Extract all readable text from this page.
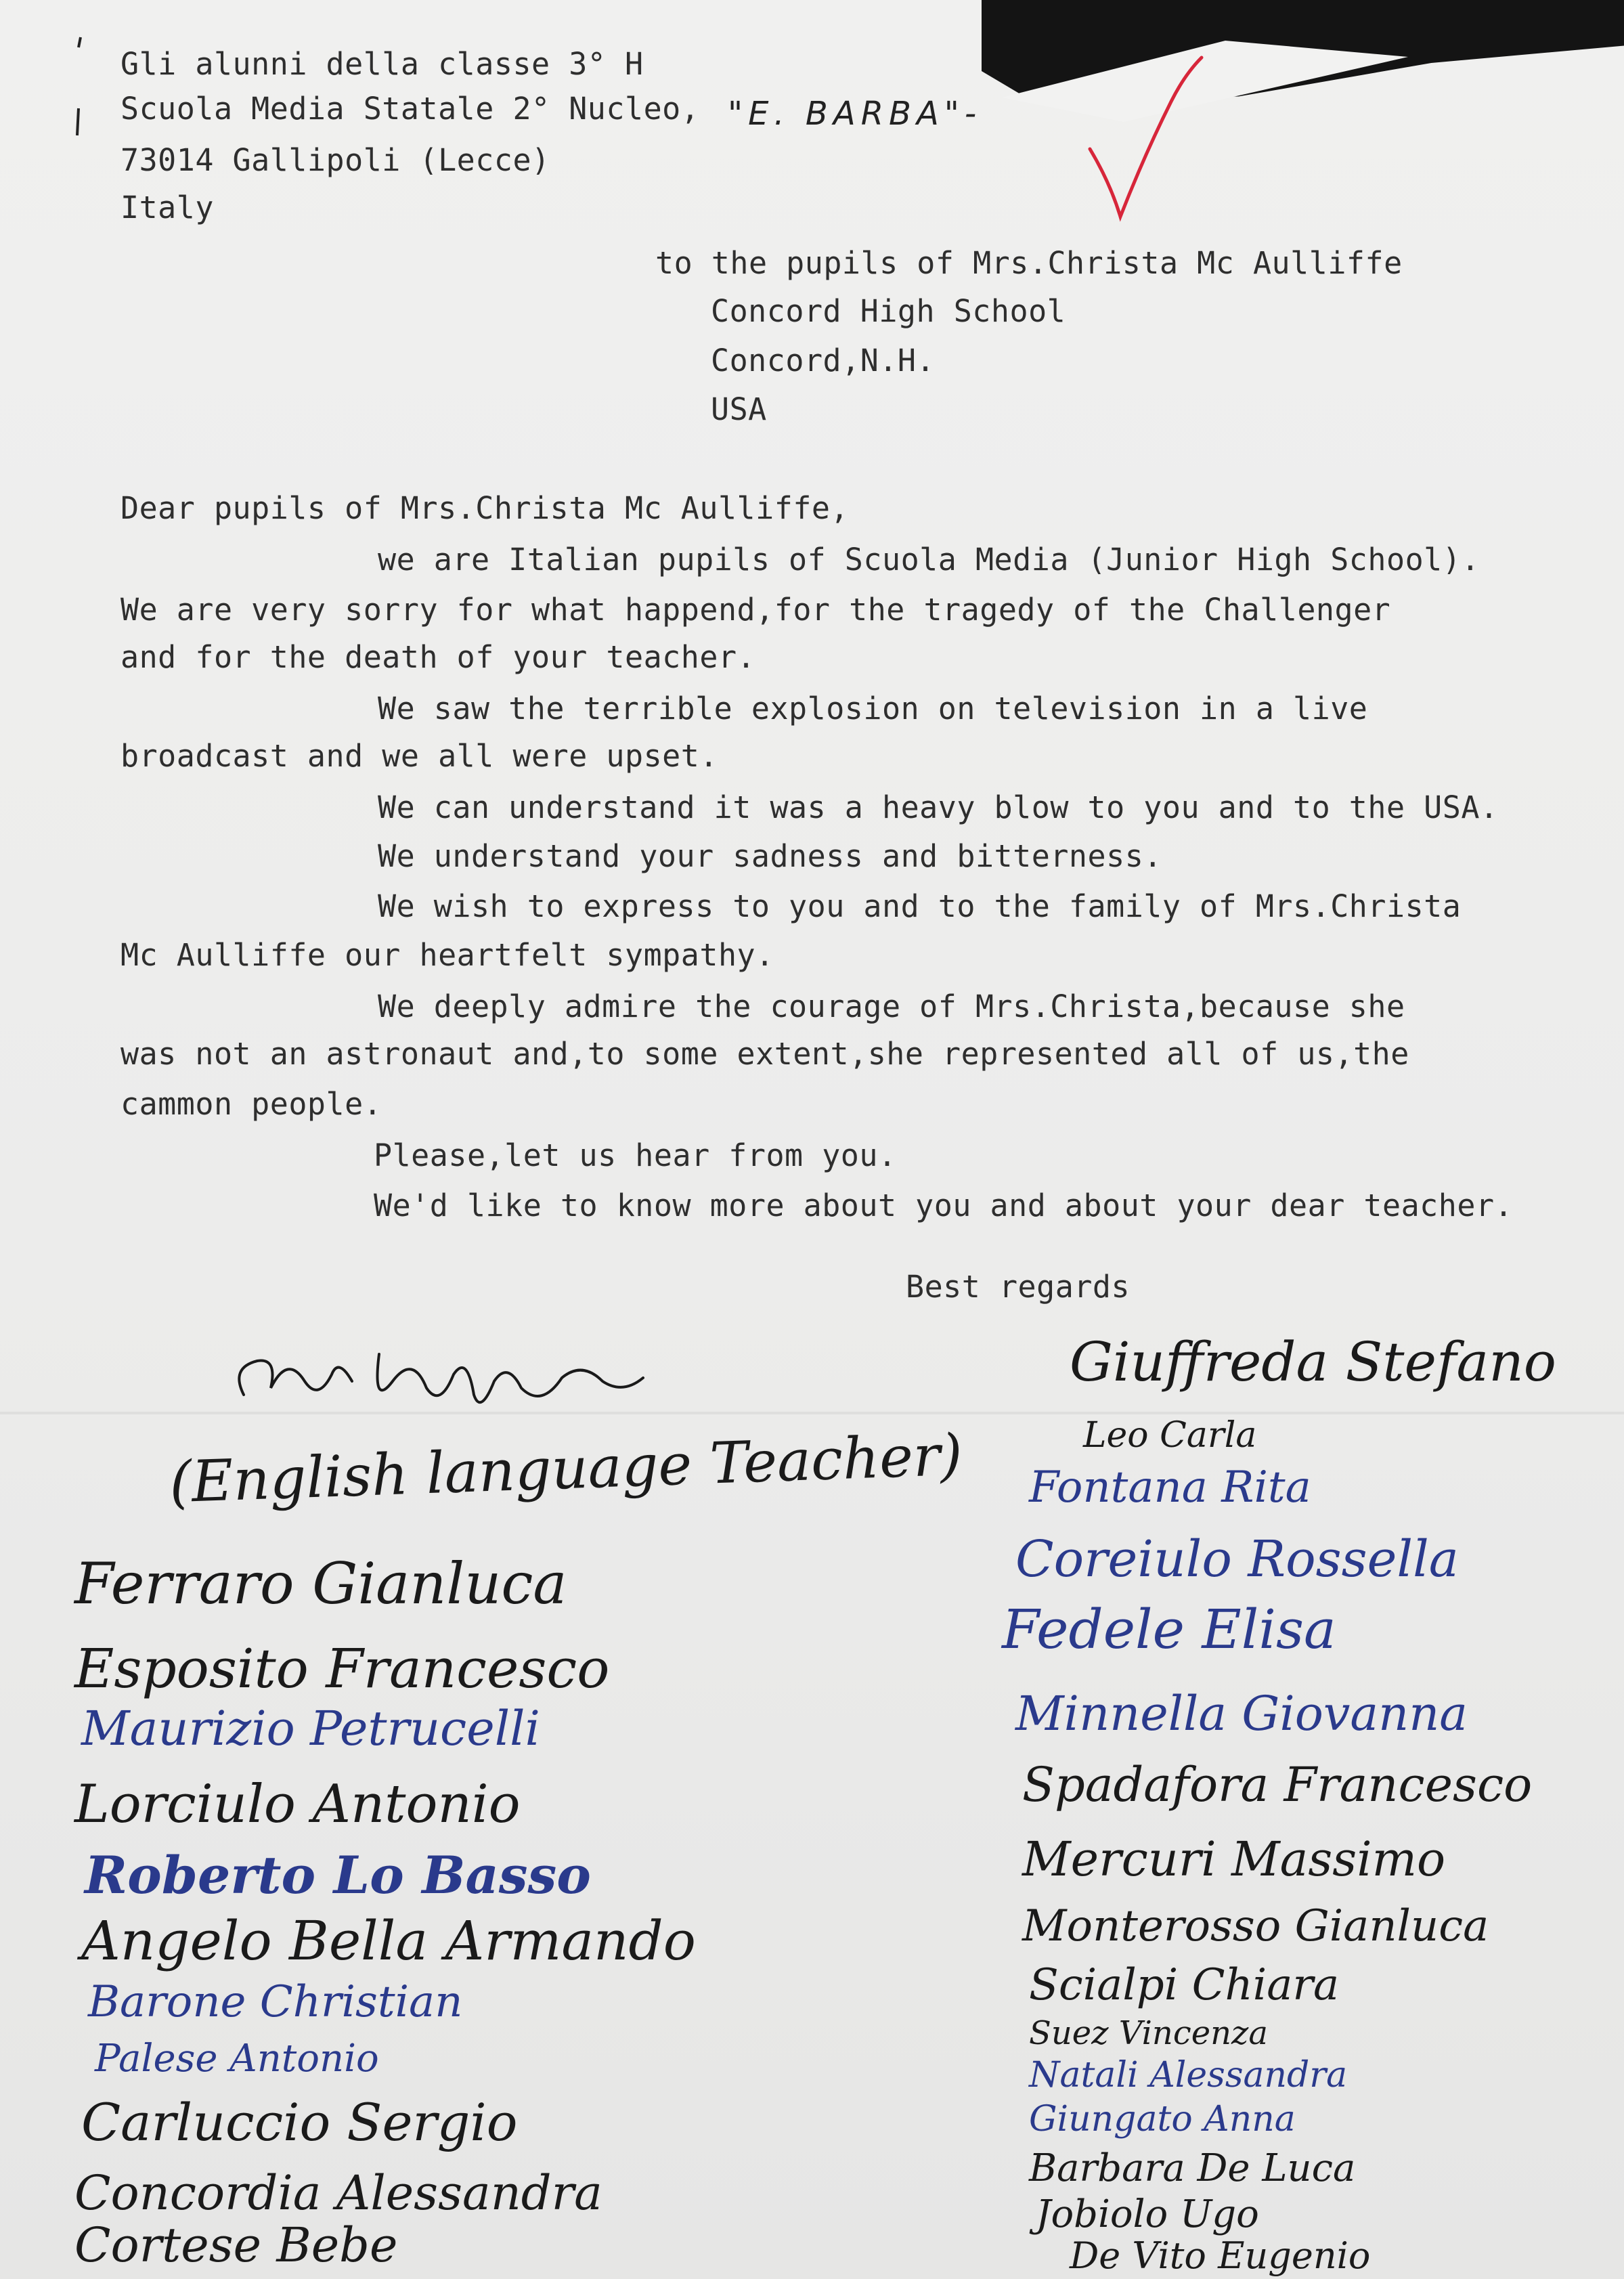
Gli alunni della classe 3° H
Scuola Media Statale 2° Nucleo, "E. BARBA"-
73014 Gallipoli (Lecce)
Italy
to the pupils of Mrs.Christa Mc Aulliffe
Concord High School
Concord,N.H.
USA
Dear pupils of Mrs.Christa Mc Aulliffe,
we are Italian pupils of Scuola Media (Junior High School).
We are very sorry for what happend,for the tragedy of the Challenger
and for the death of your teacher.
We saw the terrible explosion on television in a live
broadcast and we all were upset.
We can understand it was a heavy blow to you and to the USA.
We understand your sadness and bitterness.
We wish to express to you and to the family of Mrs.Christa
Mc Aulliffe our heartfelt sympathy.
We deeply admire the courage of Mrs.Christa,because she
was not an astronaut and,to some extent,she represented all of us,the
cammon people.
Please,let us hear from you.
We'd like to know more about you and about your dear teacher.
Best regards
(English language Teacher)
Ferraro Gianluca
Esposito Francesco
Maurizio Petrucelli
Lorciulo Antonio
Roberto Lo Basso
Angelo Bella Armando
Barone Christian
Palese Antonio
Carluccio Sergio
Concordia Alessandra
Cortese Bebe
Giuffreda Stefano
Leo Carla
Fontana Rita
Coreiulo Rossella
Fedele Elisa
Minnella Giovanna
Spadafora Francesco
Mercuri Massimo
Monterosso Gianluca
Scialpi Chiara
Suez Vincenza
Natali Alessandra
Giungato Anna
Barbara De Luca
Jobiolo Ugo
De Vito Eugenio
